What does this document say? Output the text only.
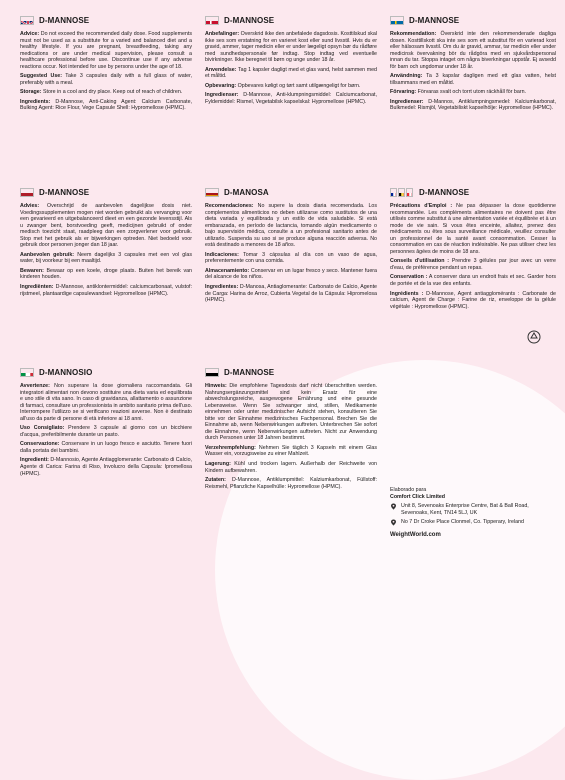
D-MANNOSE

Advice: Do not exceed the recommended daily dose. Food supplements must not be used as a substitute for a varied and balanced diet and a healthy lifestyle. If you are pregnant, breastfeeding, taking any medications or are under medical supervision, please consult a healthcare professional before use. Discontinue use if any adverse reactions occur. Not intended for use by persons under the age of 18.

Suggested Use: Take 3 capsules daily with a full glass of water, preferably with a meal.

Storage: Store in a cool and dry place. Keep out of reach of children.

Ingredients: D-Mannose, Anti-Caking Agent: Calcium Carbonate, Bulking Agent: Rice Flour, Vege Capsule Shell: Hypromellose (HPMC).

D-MANNOSE

Advies: Overschrijd de aanbevolen dagelijkse dosis niet. Voedingssupplementen mogen niet worden gebruikt als vervanging voor een gevarieerd en uitgebalanceerd dieet en een gezonde levensstijl. Als u zwanger bent, borstvoeding geeft, medicijnen gebruikt of onder medisch toezicht staat, raadpleeg dan een zorgverlener voor gebruik. Stop met het gebruik als er bijwerkingen optreden. Niet bedoeld voor gebruik door personen jonger dan 18 jaar.

Aanbevolen gebruik: Neem dagelijks 3 capsules met een vol glas water, bij voorkeur bij een maaltijd.

Bewaren: Bewaar op een koele, droge plaats. Buiten het bereik van kinderen houden.

Ingrediënten: D-Mannose, antiklontermiddel: calciumcarbonaat, vulstof: rijstmeel, plantaardige capsulewandsel: Hypromellose (HPMC).

D-MANNOSIO

Avvertenze: Non superare la dose giornaliera raccomandata. Gli integratori alimentari non devono sostituire una dieta varia ed equilibrata e uno stile di vita sano. In caso di gravidanza, allattamento o assunzione di farmaci, consultare un professionista in ambito sanitario prima dell'uso. Interrompere l'utilizzo se si verificano reazioni avverse. Non è destinato all'uso da parte di persone di età inferiore ai 18 anni.

Uso Consigliato: Prendere 3 capsule al giorno con un bicchiere d'acqua, preferibilmente durante un pasto.

Conservazione: Conservare in un luogo fresco e asciutto. Tenere fuori dalla portata dei bambini.

Ingredienti: D-Mannosio, Agente Antiagglomerante: Carbonato di Calcio, Agente di Carica: Farina di Riso, Involucro della Capsula: Ipromellosa (HPMC).

D-MANNOSE

Anbefalinger: Overskrid ikke den anbefalede dagsdosis. Kosttilskud skal ikke ses som erstatning for en varieret kost eller sund livsstil. Hvis du er gravid, ammer, tager medicin eller er under lægeligt opsyn bør du rådføre med sundhedspersonale før indtag. Stop indtag ved eventuelle bivirkninger. Ikke beregnet til børn og unge under 18 år.

Anvendelse: Tag 1 kapsler dagligt med et glas vand, helst sammen med et måltid.

Opbevaring: Opbevares køligt og tørt samt utilgængeligt for børn.

Ingredienser: D-Mannose, Anti-klumpningsmiddel: Calciumcarbonat, Fyldemiddel: Rismel, Vegetabilsk kapselskal: Hypromellose (HPMC).

D-MANOSA

Recomendaciones: No supere la dosis diaria recomendada. Los complementos alimenticios no deben utilizarse como sustitutos de una dieta variada y equilibrada y un estilo de vida saludable. Si está embarazada, en período de lactancia, tomando algún medicamento o bajo supervisión médica, consulte a un profesional sanitario antes de utilizarlo. Suspenda su uso si se produce alguna reacción adversa. No está destinado a menores de 18 años.

Indicaciones: Tomar 3 cápsulas al día con un vaso de agua, preferentemente con una comida.

Almacenamiento: Conservar en un lugar fresco y seco. Mantener fuera del alcance de los niños.

Ingredientes: D-Manosa, Antiaglomerante: Carbonato de Calcio, Agente de Carga: Harina de Arroz, Cubierta Vegetal de la Cápsula: Hipromelosa (HPMC).

D-MANNOSE

Hinweis: Die empfohlene Tagesdosis darf nicht überschritten werden. Nahrungsergänzungsmittel sind kein Ersatz für eine abwechslungsreiche, ausgewogene Ernährung und eine gesunde Lebensweise. Wenn Sie schwanger sind, stillen, Medikamente einnehmen oder unter medizinischer Aufsicht stehen, konsultieren Sie bitte vor der Einnahme medizinisches Fachpersonal. Brechen Sie die Einnahme ab, wenn Nebenwirkungen auftreten. Unterbrechen Sie sofort die Einnahme, wenn Nebenwirkungen auftreten. Nicht zur Anwendung durch Personen unter 18 Jahren bestimmt.

Verzehrempfehlung: Nehmen Sie täglich 3 Kapseln mit einem Glas Wasser ein, vorzugsweise zu einer Mahlzeit.

Lagerung: Kühl und trocken lagern. Außerhalb der Reichweite von Kindern aufbewahren.

Zutaten: D-Mannose, Antiklumpmittel: Kalziumkarbonat, Füllstoff: Reismehl, Pflanzliche Kapselhülle: Hypromellose (HPMC).

D-MANNOSE

Rekommendation: Överskrid inte den rekommenderade dagliga dosen. Kosttillskott ska inte ses som ett substitut för en varierad kost eller hälsosam livsstil. Om du är gravid, ammar, tar medicin eller under medicinsk övervakning bör du rådgöra med en sjukvårdspersonal innan du tar. Stoppa intaget om några biverkningar uppstår. Ej avsedd för barn och ungdomar under 18 år.

Användning: Ta 3 kapslar dagligen med ett glas vatten, helst tillsammans med en måltid.

Förvaring: Förvaras svalt och torrt utom räckhåll för barn.

Ingredienser: D-Mannos, Antiklumpningsmedel: Kalciumkarbonat, Bulkmedel: Rismjöl, Vegetabiliskt kapselhölje: Hypromellose (HPMC).

D-MANNOSE

Précautions d'Emploi : Ne pas dépasser la dose quotidienne recommandée. Les compléments alimentaires ne doivent pas être utilisés comme substitut à une alimentation variée et équilibrée et à un mode de vie sain. Si vous êtes enceinte, allaitez, prenez des médicaments ou êtes sous surveillance médicale, veuillez consulter un professionnel de la santé avant consommation. Cesser la consommation en cas de réaction indésirable. Ne pas utiliser chez les personnes âgées de moins de 18 ans.

Conseils d'utilisation : Prendre 3 gélules par jour avec un verre d'eau, de préférence pendant un repas.

Conservation : A conserver dans un endroit frais et sec. Garder hors de portée et de la vue des enfants.

Ingrédients : D-Mannose, Agent antiagglomérants : Carbonate de calcium, Agent de Charge : Farine de riz, enveloppe de la gélule végétale : Hypromellose (HPMC).

Elaborado para
Comfort Click Limited
Unit 8, Sevenoaks Enterprise Centre, Bat & Ball Road, Sevenoaks, Kent, TN14 5LJ, UK
No 7 Dr Croke Place Clonmel, Co. Tipperary, Ireland
WeightWorld.com
